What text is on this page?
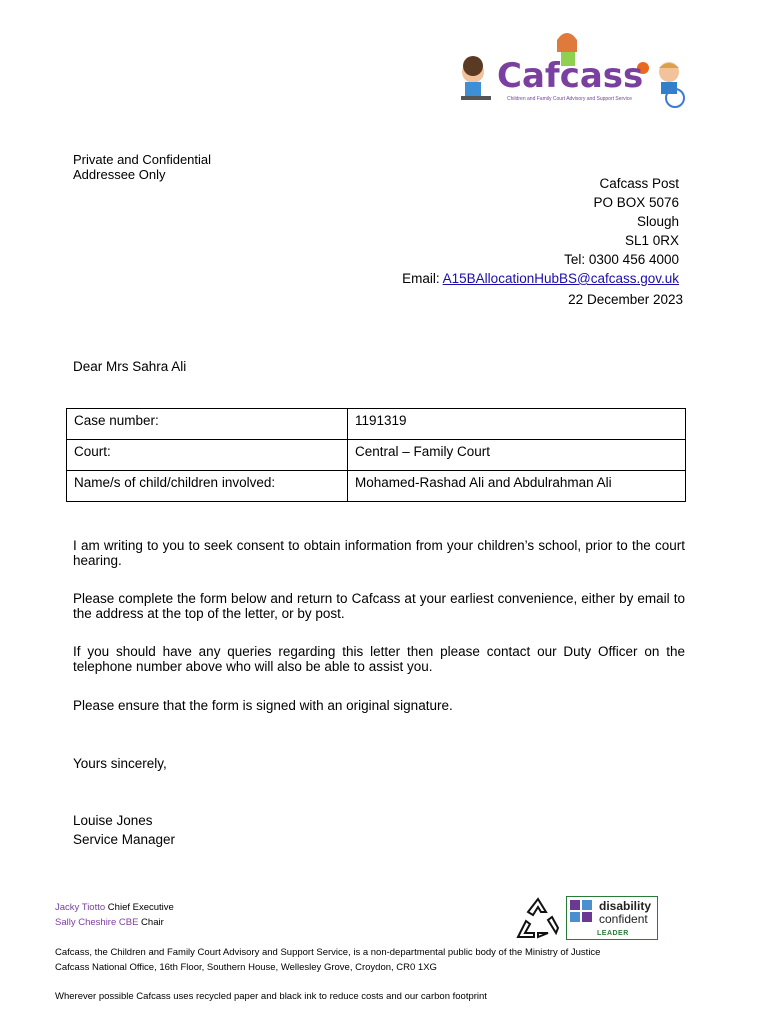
Cafcass
Children and Family Court Advisory and Support Service
Private and Confidential
Addressee Only
Cafcass Post
PO BOX 5076
Slough
SL1 0RX
Tel: 0300 456 4000
Email: A15BAllocationHubBS@cafcass.gov.uk
22 December 2023
Dear Mrs Sahra Ali
Case number:	1191319
Court:	Central – Family Court
Name/s of child/children involved:	Mohamed-Rashad Ali and Abdulrahman Ali

I am writing to you to seek consent to obtain information from your children’s school, prior to the court hearing.

Please complete the form below and return to Cafcass at your earliest convenience, either by email to the address at the top of the letter, or by post.

If you should have any queries regarding this letter then please contact our Duty Officer on the telephone number above who will also be able to assist you.

Please ensure that the form is signed with an original signature.

Yours sincerely,
Louise Jones
Service Manager
Jacky Tiotto Chief Executive
Sally Cheshire CBE Chair
disability
confident
LEADER
Cafcass, the Children and Family Court Advisory and Support Service, is a non-departmental public body of the Ministry of Justice
Cafcass National Office, 16th Floor, Southern House, Wellesley Grove, Croydon, CR0 1XG
Wherever possible Cafcass uses recycled paper and black ink to reduce costs and our carbon footprint
